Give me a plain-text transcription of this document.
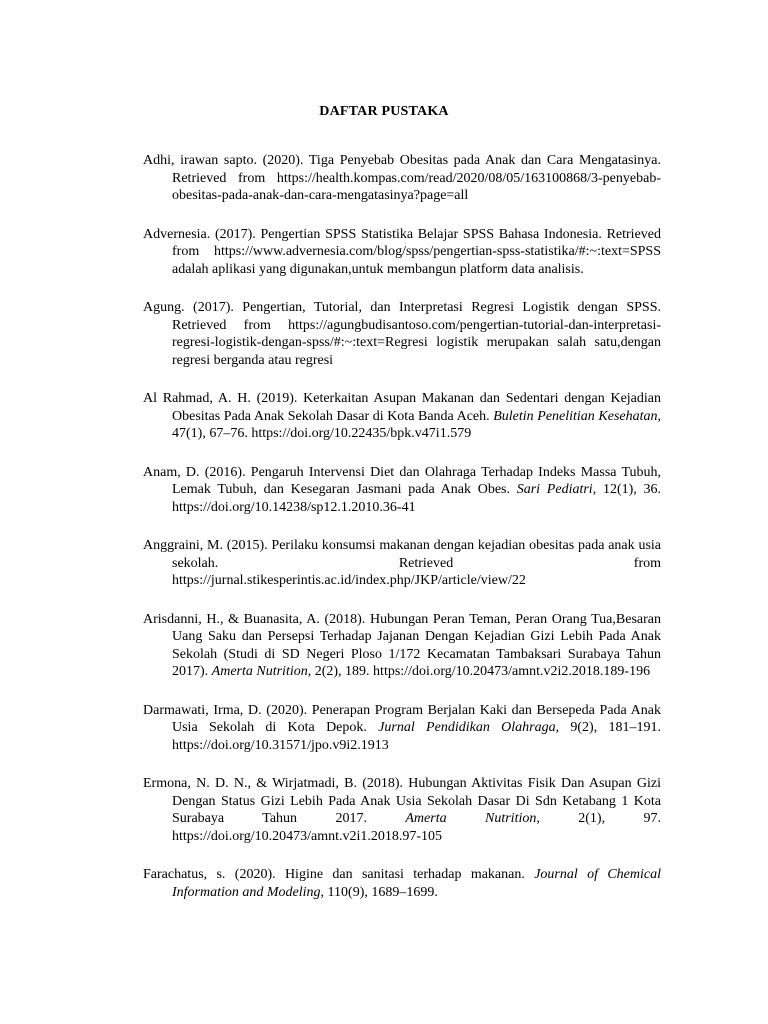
DAFTAR PUSTAKA
Adhi, irawan sapto. (2020). Tiga Penyebab Obesitas pada Anak dan Cara Mengatasinya. Retrieved from https://health.kompas.com/read/2020/08/05/163100868/3-penyebab-obesitas-pada-anak-dan-cara-mengatasinya?page=all
Advernesia. (2017). Pengertian SPSS Statistika Belajar SPSS Bahasa Indonesia. Retrieved from https://www.advernesia.com/blog/spss/pengertian-spss-statistika/#:~:text=SPSS adalah aplikasi yang digunakan,untuk membangun platform data analisis.
Agung. (2017). Pengertian, Tutorial, dan Interpretasi Regresi Logistik dengan SPSS. Retrieved from https://agungbudisantoso.com/pengertian-tutorial-dan-interpretasi-regresi-logistik-dengan-spss/#:~:text=Regresi logistik merupakan salah satu,dengan regresi berganda atau regresi
Al Rahmad, A. H. (2019). Keterkaitan Asupan Makanan dan Sedentari dengan Kejadian Obesitas Pada Anak Sekolah Dasar di Kota Banda Aceh. Buletin Penelitian Kesehatan, 47(1), 67–76. https://doi.org/10.22435/bpk.v47i1.579
Anam, D. (2016). Pengaruh Intervensi Diet dan Olahraga Terhadap Indeks Massa Tubuh, Lemak Tubuh, dan Kesegaran Jasmani pada Anak Obes. Sari Pediatri, 12(1), 36. https://doi.org/10.14238/sp12.1.2010.36-41
Anggraini, M. (2015). Perilaku konsumsi makanan dengan kejadian obesitas pada anak usia sekolah. Retrieved from https://jurnal.stikesperintis.ac.id/index.php/JKP/article/view/22
Arisdanni, H., & Buanasita, A. (2018). Hubungan Peran Teman, Peran Orang Tua,Besaran Uang Saku dan Persepsi Terhadap Jajanan Dengan Kejadian Gizi Lebih Pada Anak Sekolah (Studi di SD Negeri Ploso 1/172 Kecamatan Tambaksari Surabaya Tahun 2017). Amerta Nutrition, 2(2), 189. https://doi.org/10.20473/amnt.v2i2.2018.189-196
Darmawati, Irma, D. (2020). Penerapan Program Berjalan Kaki dan Bersepeda Pada Anak Usia Sekolah di Kota Depok. Jurnal Pendidikan Olahraga, 9(2), 181–191. https://doi.org/10.31571/jpo.v9i2.1913
Ermona, N. D. N., & Wirjatmadi, B. (2018). Hubungan Aktivitas Fisik Dan Asupan Gizi Dengan Status Gizi Lebih Pada Anak Usia Sekolah Dasar Di Sdn Ketabang 1 Kota Surabaya Tahun 2017. Amerta Nutrition, 2(1), 97. https://doi.org/10.20473/amnt.v2i1.2018.97-105
Farachatus, s. (2020). Higine dan sanitasi terhadap makanan. Journal of Chemical Information and Modeling, 110(9), 1689–1699.
